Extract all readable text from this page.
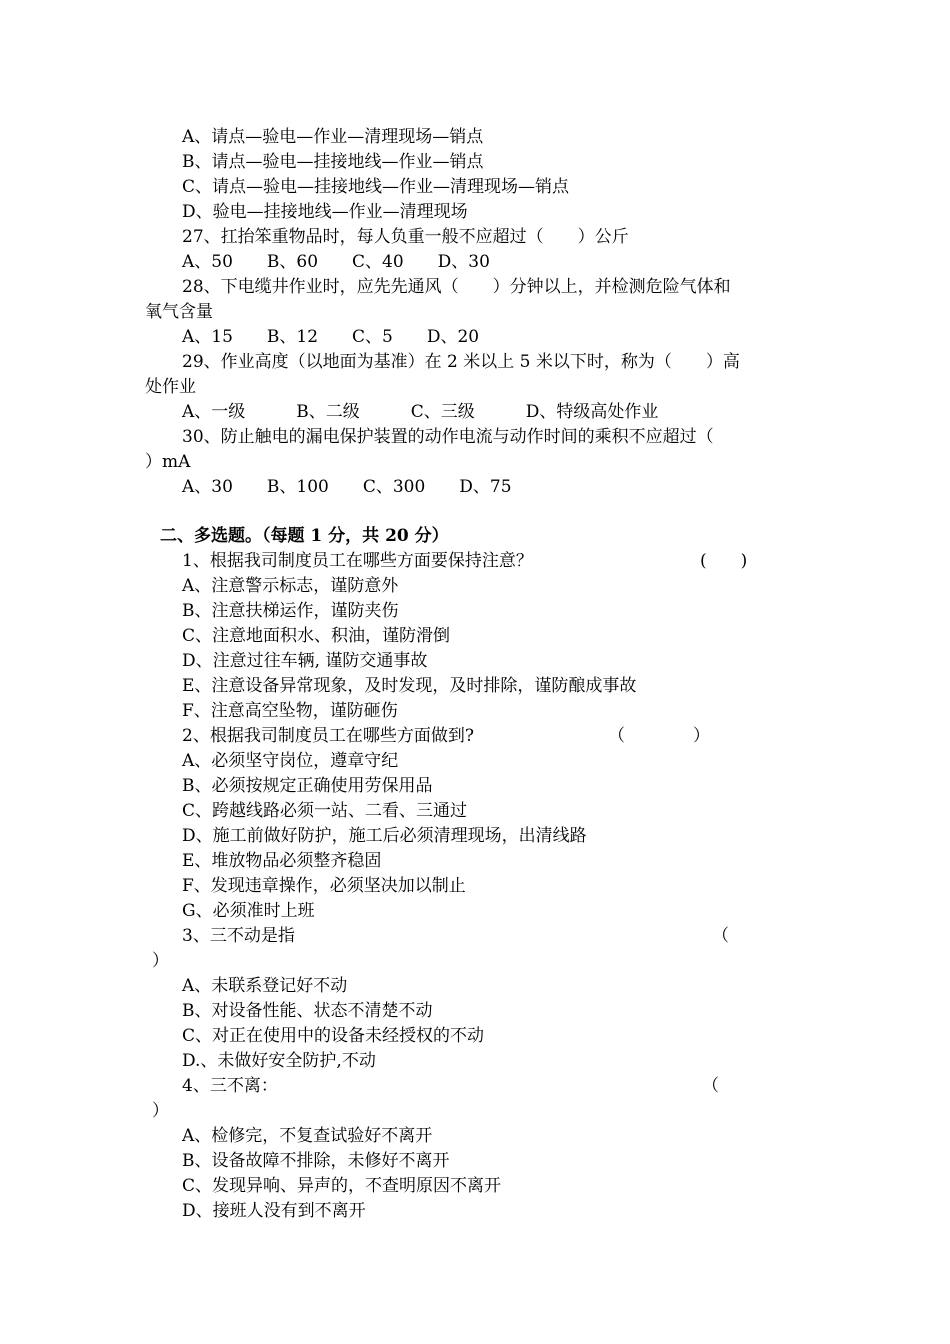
A、请点—验电—作业—清理现场—销点
B、请点—验电—挂接地线—作业—销点
C、请点—验电—挂接地线—作业—清理现场—销点
D、验电—挂接地线—作业—清理现场
27、扛抬笨重物品时，每人负重一般不应超过（　　）公斤
A、50　　B、60　　C、40　　D、30
28、下电缆井作业时，应先先通风（　　）分钟以上，并检测危险气体和
氧气含量
A、15　　B、12　　C、5　　D、20
29、作业高度（以地面为基准）在 2 米以上 5 米以下时，称为（　　）高
处作业
A、一级　　　B、二级　　　C、三级　　　D、特级高处作业
30、防止触电的漏电保护装置的动作电流与动作时间的乘积不应超过（
）mA
A、30　　B、100　　C、300　　D、75
二、多选题。（每题 1 分，共 20 分）
1、根据我司制度员工在哪些方面要保持注意？	(　　)
A、注意警示标志，谨防意外
B、注意扶梯运作，谨防夹伤
C、注意地面积水、积油，谨防滑倒
D、注意过往车辆, 谨防交通事故
E、注意设备异常现象，及时发现，及时排除，谨防酿成事故
F、注意高空坠物，谨防砸伤
2、根据我司制度员工在哪些方面做到?	（　　　　）
A、必须坚守岗位，遵章守纪
B、必须按规定正确使用劳保用品
C、跨越线路必须一站、二看、三通过
D、施工前做好防护，施工后必须清理现场，出清线路
E、堆放物品必须整齐稳固
F、发现违章操作，必须坚决加以制止
G、必须准时上班
3、三不动是指	（
）
A、未联系登记好不动
B、对设备性能、状态不清楚不动
C、对正在使用中的设备未经授权的不动
D.、未做好安全防护,不动
4、三不离：	（
）
A、检修完，不复查试验好不离开
B、设备故障不排除，未修好不离开
C、发现异响、异声的，不查明原因不离开
D、接班人没有到不离开
